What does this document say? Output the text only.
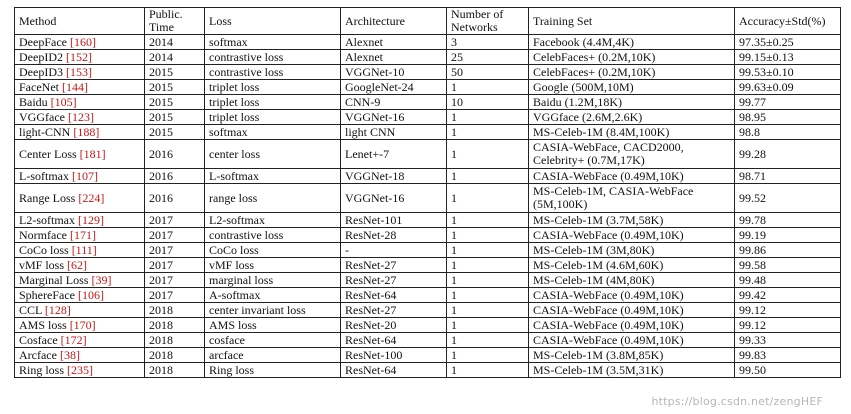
Method	Public. Time	Loss	Architecture	Number of Networks	Training Set	Accuracy±Std(%)
DeepFace [160]	2014	softmax	Alexnet	3	Facebook (4.4M,4K)	97.35±0.25
DeepID2 [152]	2014	contrastive loss	Alexnet	25	CelebFaces+ (0.2M,10K)	99.15±0.13
DeepID3 [153]	2015	contrastive loss	VGGNet-10	50	CelebFaces+ (0.2M,10K)	99.53±0.10
FaceNet [144]	2015	triplet loss	GoogleNet-24	1	Google (500M,10M)	99.63±0.09
Baidu [105]	2015	triplet loss	CNN-9	10	Baidu (1.2M,18K)	99.77
VGGface [123]	2015	triplet loss	VGGNet-16	1	VGGface (2.6M,2.6K)	98.95
light-CNN [188]	2015	softmax	light CNN	1	MS-Celeb-1M (8.4M,100K)	98.8
Center Loss [181]	2016	center loss	Lenet+-7	1	CASIA-WebFace, CACD2000, Celebrity+ (0.7M,17K)	99.28
L-softmax [107]	2016	L-softmax	VGGNet-18	1	CASIA-WebFace (0.49M,10K)	98.71
Range Loss [224]	2016	range loss	VGGNet-16	1	MS-Celeb-1M, CASIA-WebFace (5M,100K)	99.52
L2-softmax [129]	2017	L2-softmax	ResNet-101	1	MS-Celeb-1M (3.7M,58K)	99.78
Normface [171]	2017	contrastive loss	ResNet-28	1	CASIA-WebFace (0.49M,10K)	99.19
CoCo loss [111]	2017	CoCo loss	-	1	MS-Celeb-1M (3M,80K)	99.86
vMF loss [62]	2017	vMF loss	ResNet-27	1	MS-Celeb-1M (4.6M,60K)	99.58
Marginal Loss [39]	2017	marginal loss	ResNet-27	1	MS-Celeb-1M (4M,80K)	99.48
SphereFace [106]	2017	A-softmax	ResNet-64	1	CASIA-WebFace (0.49M,10K)	99.42
CCL [128]	2018	center invariant loss	ResNet-27	1	CASIA-WebFace (0.49M,10K)	99.12
AMS loss [170]	2018	AMS loss	ResNet-20	1	CASIA-WebFace (0.49M,10K)	99.12
Cosface [172]	2018	cosface	ResNet-64	1	CASIA-WebFace (0.49M,10K)	99.33
Arcface [38]	2018	arcface	ResNet-100	1	MS-Celeb-1M (3.8M,85K)	99.83
Ring loss [235]	2018	Ring loss	ResNet-64	1	MS-Celeb-1M (3.5M,31K)	99.50
https://blog.csdn.net/zengHEF
